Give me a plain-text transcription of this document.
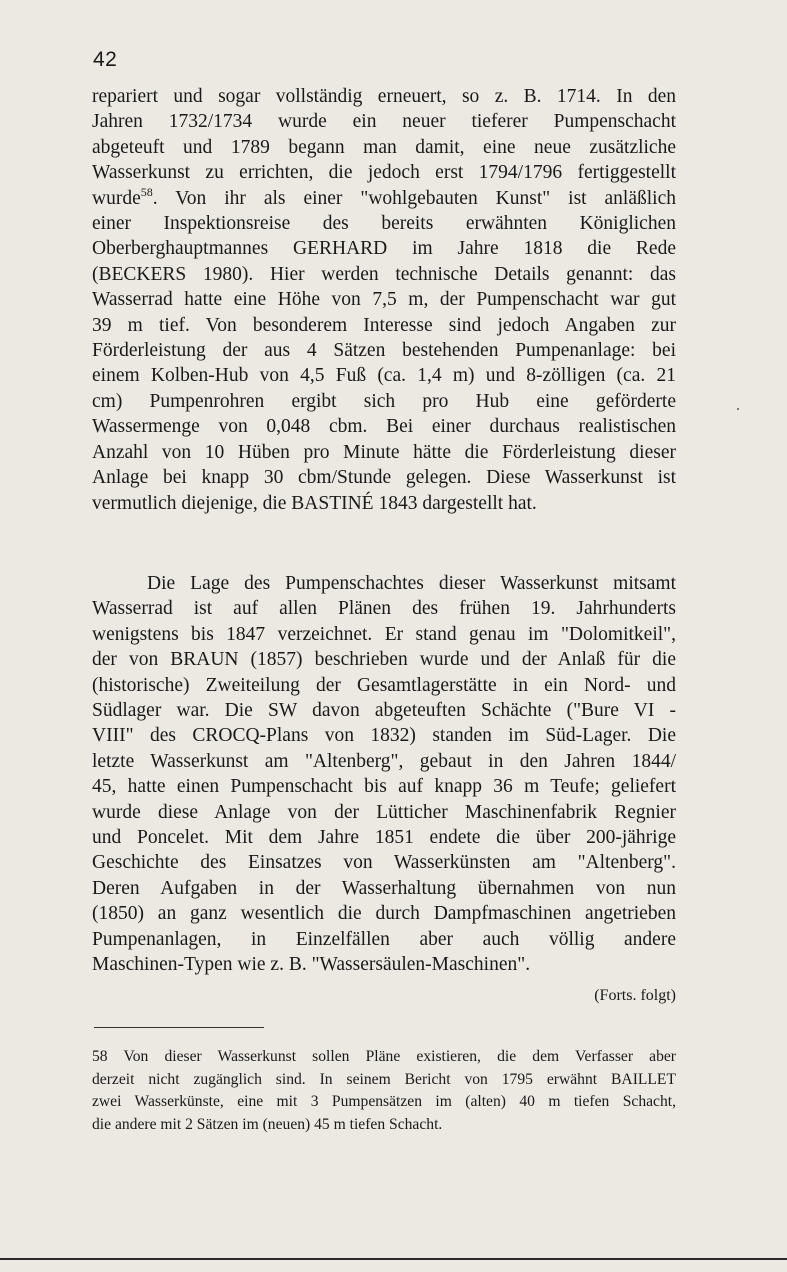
42
repariert und sogar vollständig erneuert, so z. B. 1714. In den
Jahren 1732/1734 wurde ein neuer tieferer Pumpenschacht
abgeteuft und 1789 begann man damit, eine neue zusätzliche
Wasserkunst zu errichten, die jedoch erst 1794/1796 fertiggestellt
wurde$^{58}$. Von ihr als einer "wohlgebauten Kunst" ist anläßlich
einer Inspektionsreise des bereits erwähnten Königlichen
Oberberghauptmannes GERHARD im Jahre 1818 die Rede
(BECKERS 1980). Hier werden technische Details genannt: das
Wasserrad hatte eine Höhe von 7,5 m, der Pumpenschacht war gut
39 m tief. Von besonderem Interesse sind jedoch Angaben zur
Förderleistung der aus 4 Sätzen bestehenden Pumpenanlage: bei
einem Kolben-Hub von 4,5 Fuß (ca. 1,4 m) und 8-zölligen (ca. 21
cm) Pumpenrohren ergibt sich pro Hub eine geförderte
Wassermenge von 0,048 cbm. Bei einer durchaus realistischen
Anzahl von 10 Hüben pro Minute hätte die Förderleistung dieser
Anlage bei knapp 30 cbm/Stunde gelegen. Diese Wasserkunst ist
vermutlich diejenige, die BASTINÉ 1843 dargestellt hat.
Die Lage des Pumpenschachtes dieser Wasserkunst mitsamt
Wasserrad ist auf allen Plänen des frühen 19. Jahrhunderts
wenigstens bis 1847 verzeichnet. Er stand genau im "Dolomitkeil",
der von BRAUN (1857) beschrieben wurde und der Anlaß für die
(historische) Zweiteilung der Gesamtlagerstätte in ein Nord- und
Südlager war. Die SW davon abgeteuften Schächte ("Bure VI -
VIII" des CROCQ-Plans von 1832) standen im Süd-Lager. Die
letzte Wasserkunst am "Altenberg", gebaut in den Jahren 1844/
45, hatte einen Pumpenschacht bis auf knapp 36 m Teufe; geliefert
wurde diese Anlage von der Lütticher Maschinenfabrik Regnier
und Poncelet. Mit dem Jahre 1851 endete die über 200-jährige
Geschichte des Einsatzes von Wasserkünsten am "Altenberg".
Deren Aufgaben in der Wasserhaltung übernahmen von nun
(1850) an ganz wesentlich die durch Dampfmaschinen angetrieben
Pumpenanlagen, in Einzelfällen aber auch völlig andere
Maschinen-Typen wie z. B. "Wassersäulen-Maschinen".
(Forts. folgt)
58 Von dieser Wasserkunst sollen Pläne existieren, die dem Verfasser aber
derzeit nicht zugänglich sind. In seinem Bericht von 1795 erwähnt BAILLET
zwei Wasserkünste, eine mit 3 Pumpensätzen im (alten) 40 m tiefen Schacht,
die andere mit 2 Sätzen im (neuen) 45 m tiefen Schacht.
